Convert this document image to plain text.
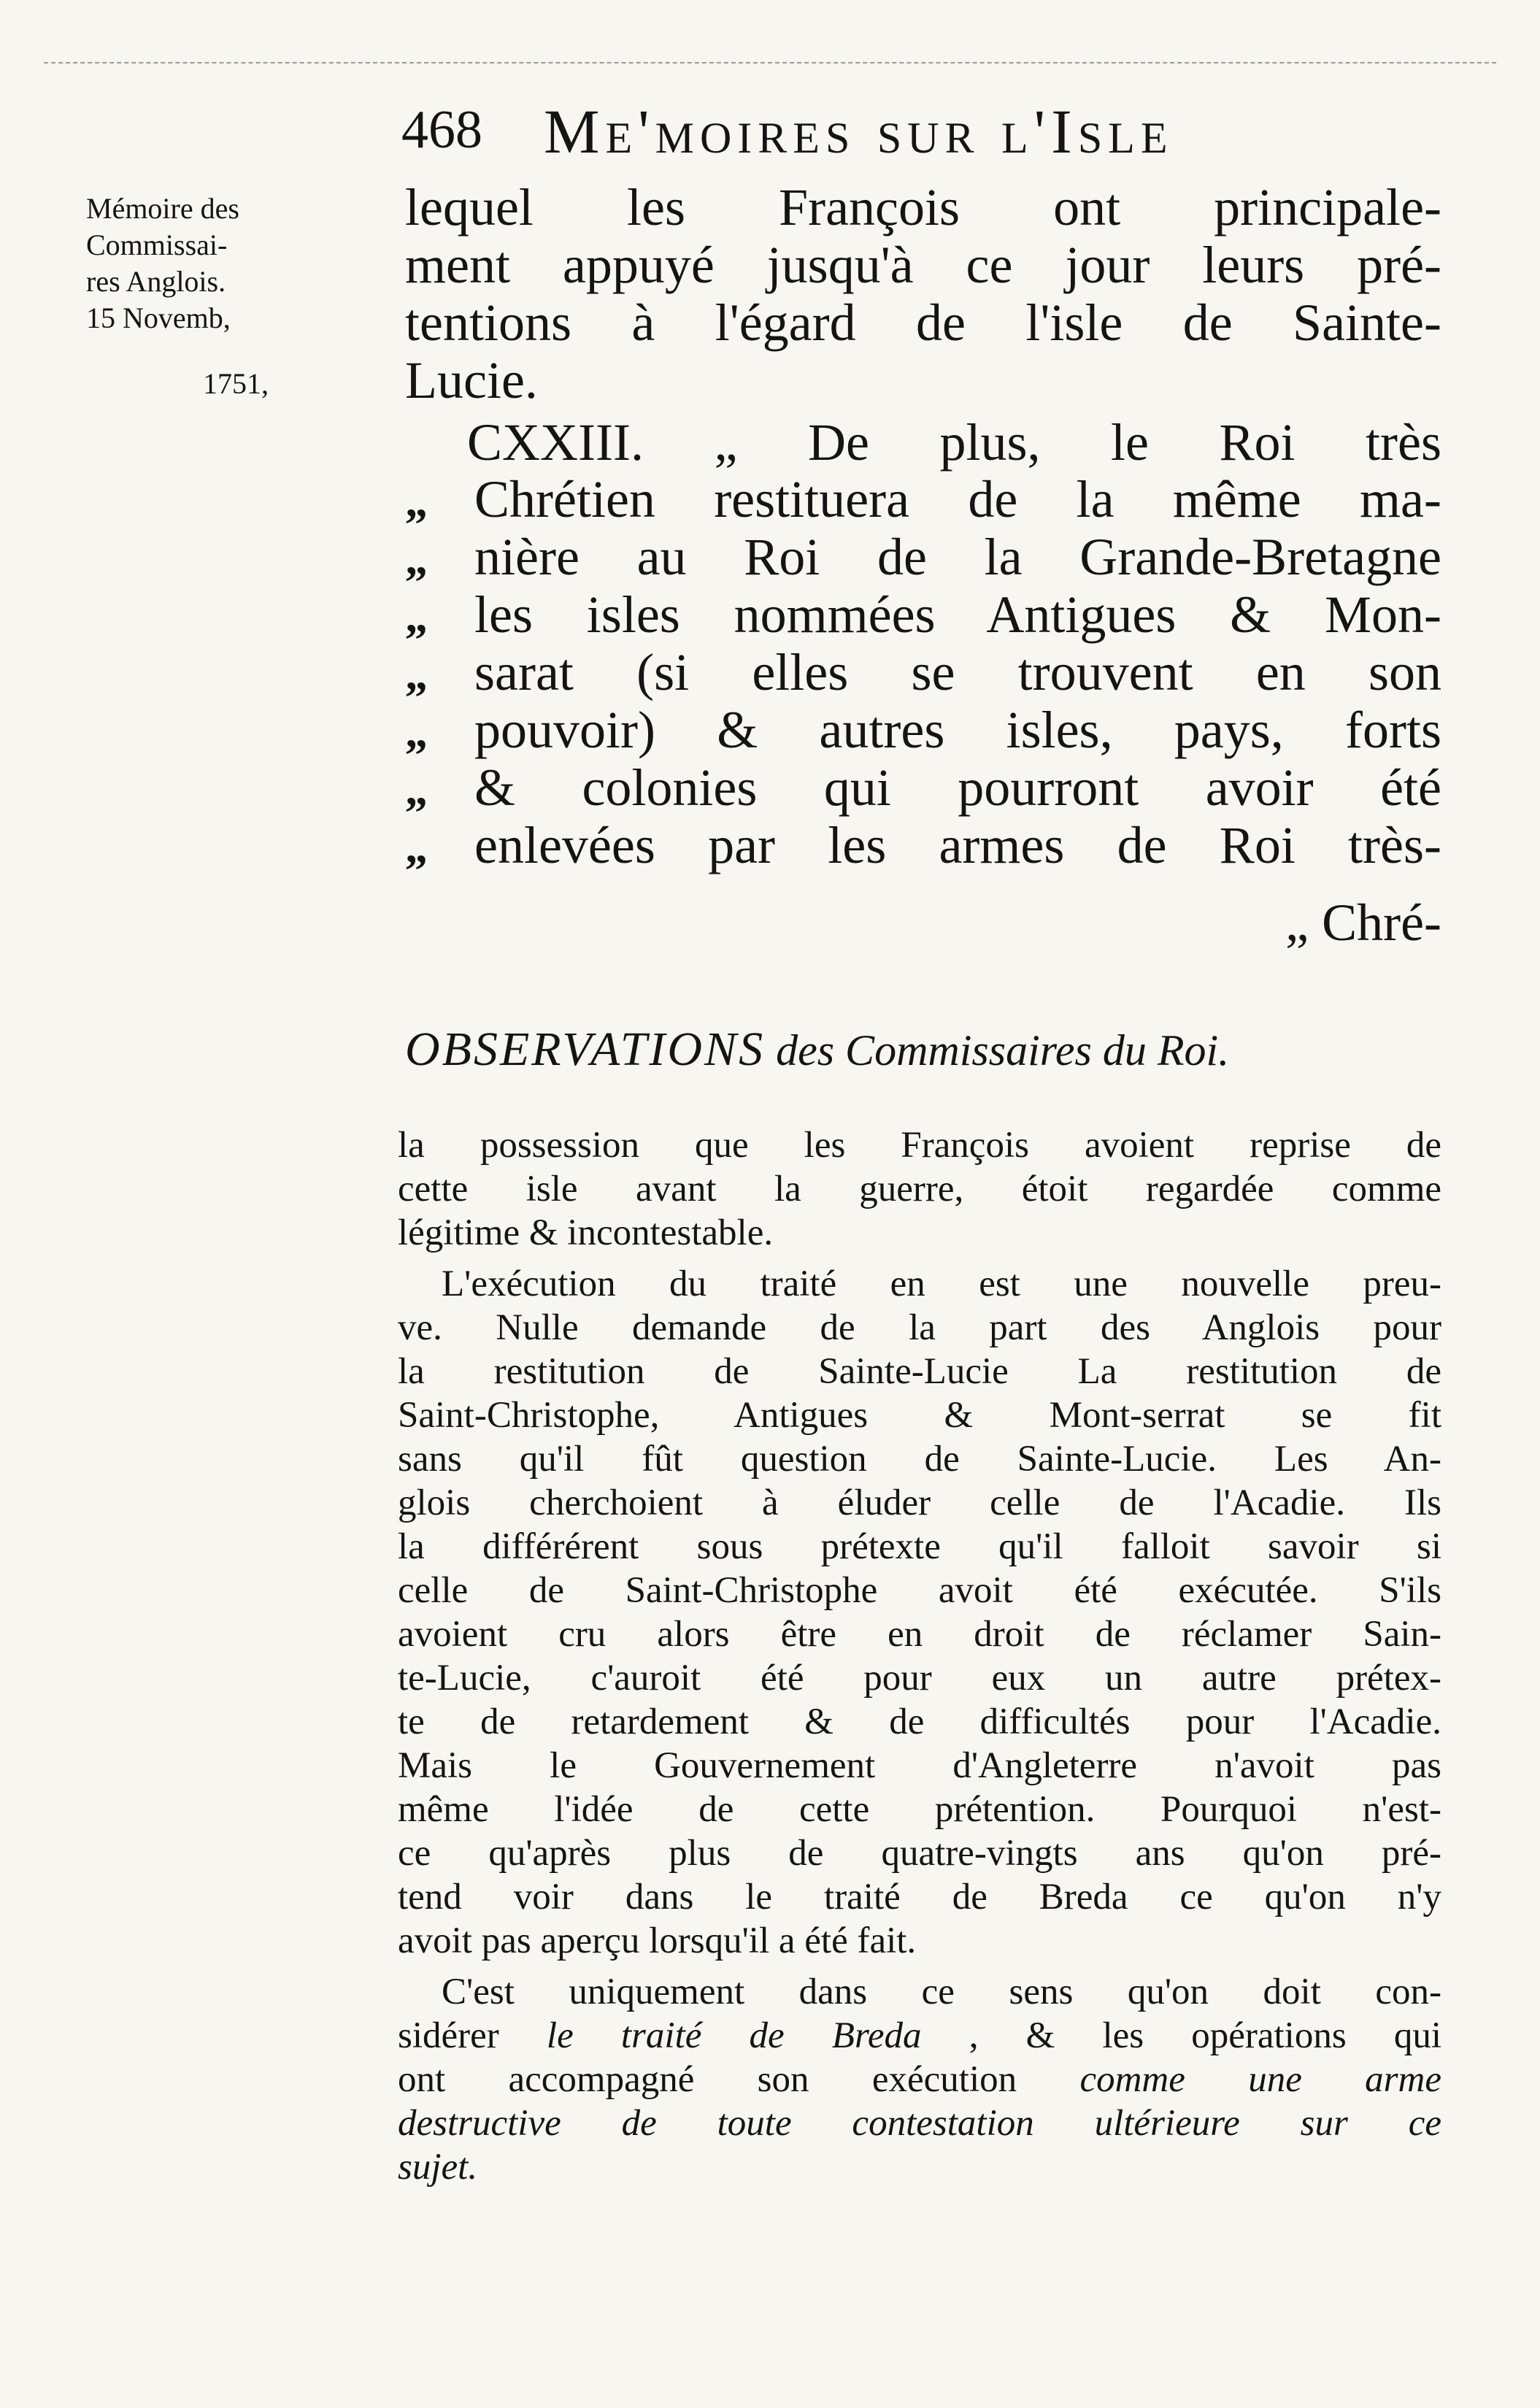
468 Me'moires sur l'Isle
Mémoire des
Commissai-
res Anglois.
15 Novemb,
1751,
lequel les François ont principale-
ment appuyé jusqu'à ce jour leurs pré-
tentions à l'égard de l'isle de Sainte-
Lucie.
CXXIII. „ De plus, le Roi très
„ Chrétien restituera de la même ma-
„ nière au Roi de la Grande-Bretagne
„ les isles nommées Antigues & Mon-
„ sarat (si elles se trouvent en son
„ pouvoir) & autres isles, pays, forts
„ & colonies qui pourront avoir été
„ enlevées par les armes de Roi très-
„ Chré-
OBSERVATIONS des Commissaires du Roi.
la possession que les François avoient reprise de
cette isle avant la guerre, étoit regardée comme
légitime & incontestable.
L'exécution du traité en est une nouvelle preu-
ve. Nulle demande de la part des Anglois pour
la restitution de Sainte-Lucie La restitution de
Saint-Christophe, Antigues & Mont-serrat se fit
sans qu'il fût question de Sainte-Lucie. Les An-
glois cherchoient à éluder celle de l'Acadie. Ils
la différérent sous prétexte qu'il falloit savoir si
celle de Saint-Christophe avoit été exécutée. S'ils
avoient cru alors être en droit de réclamer Sain-
te-Lucie, c'auroit été pour eux un autre prétex-
te de retardement & de difficultés pour l'Acadie.
Mais le Gouvernement d'Angleterre n'avoit pas
même l'idée de cette prétention. Pourquoi n'est-
ce qu'après plus de quatre-vingts ans qu'on pré-
tend voir dans le traité de Breda ce qu'on n'y
avoit pas aperçu lorsqu'il a été fait.
C'est uniquement dans ce sens qu'on doit con-
sidérer le traité de Breda , & les opérations qui
ont accompagné son exécution comme une arme
destructive de toute contestation ultérieure sur ce
sujet.
